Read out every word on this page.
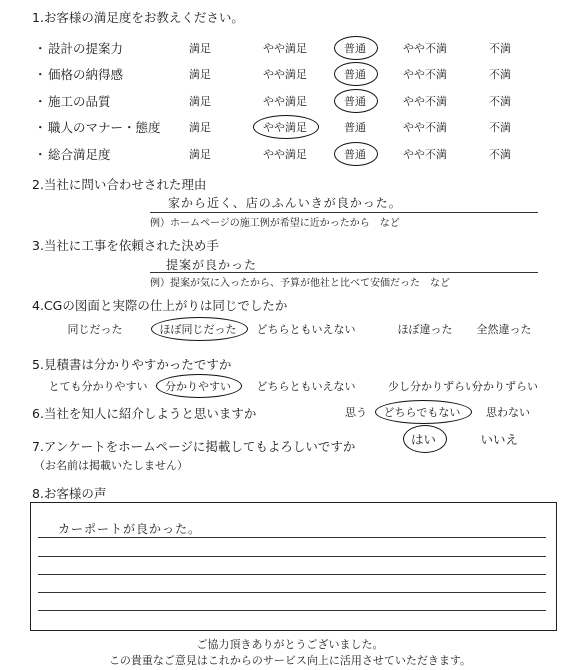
1.お客様の満足度をお教えください。
・ 設計の提案力	満足	やや満足	普通	やや不満	不満
・ 価格の納得感	満足	やや満足	普通	やや不満	不満
・ 施工の品質	満足	やや満足	普通	やや不満	不満
・ 職人のマナー・態度	満足	やや満足	普通	やや不満	不満
・ 総合満足度	満足	やや満足	普通	やや不満	不満
2.当社に問い合わせされた理由
家から近く、店のふんいきが良かった。
例）ホームページの施工例が希望に近かったから　など
3.当社に工事を依頼された決め手
提案が良かった
例）提案が気に入ったから、予算が他社と比べて安価だった　など
4.CGの図面と実際の仕上がりは同じでしたか
同じだった	ほぼ同じだった どちらともいえない	ほぼ違った 全然違った
5.見積書は分かりやすかったですか
とても分かりやすい 分かりやすい どちらともいえない	少し分かりずらい
分かりずらい
6.当社を知人に紹介しようと思いますか	思う どちらでもない 思わない
7.アンケートをホームページに掲載してもよろしいですか
（お名前は掲載いたしません）
はい	いいえ
8.お客様の声
カーポートが良かった。
ご協力頂きありがとうございました。
この貴重なご意見はこれからのサービス向上に活用させていただきます。
